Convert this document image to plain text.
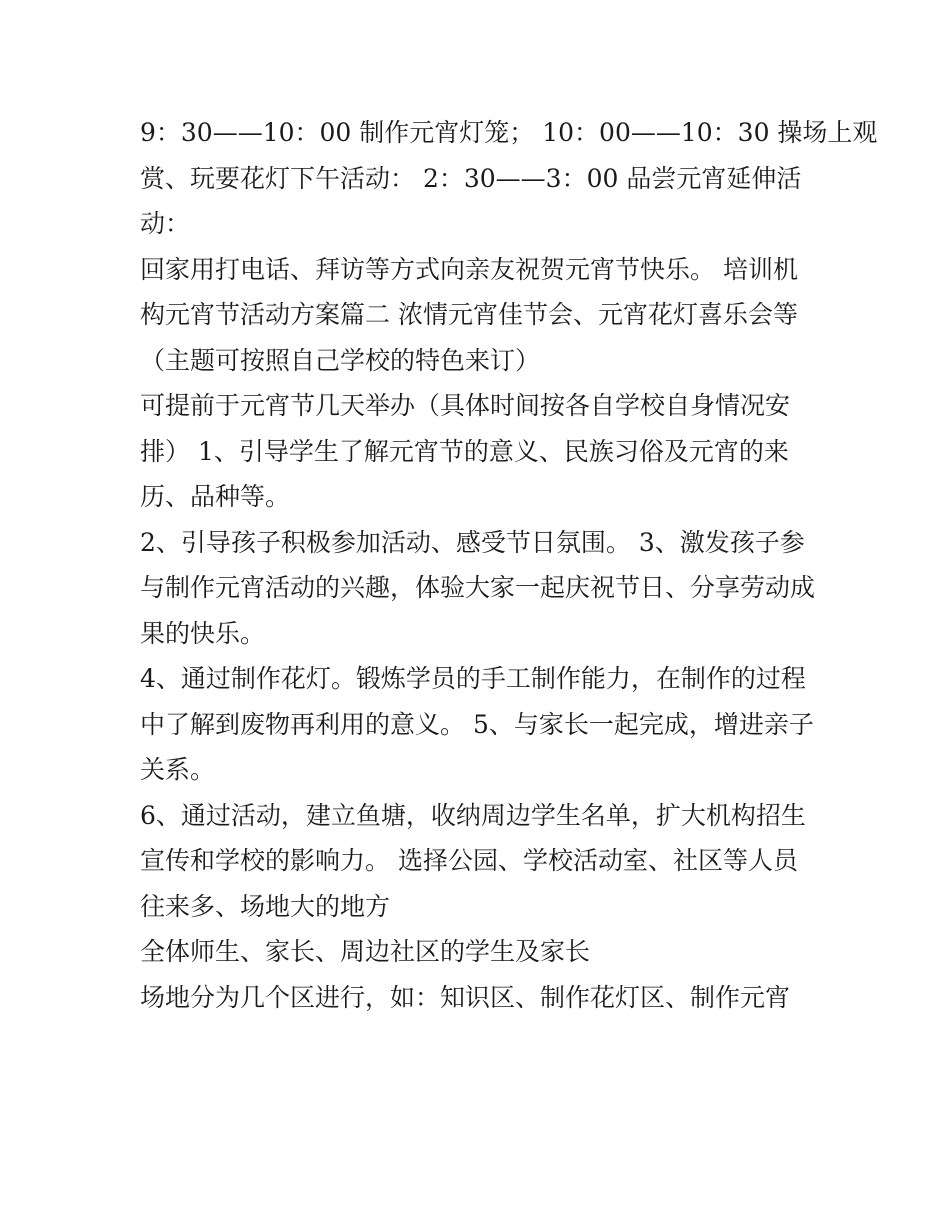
9：30——10：00 制作元宵灯笼； 10：00——10：30 操场上观
赏、玩要花灯下午活动： 2：30——3：00 品尝元宵延伸活
动：

回家用打电话、拜访等方式向亲友祝贺元宵节快乐。 培训机
构元宵节活动方案篇二 浓情元宵佳节会、元宵花灯喜乐会等
（主题可按照自己学校的特色来订）

可提前于元宵节几天举办（具体时间按各自学校自身情况安
排） 1、引导学生了解元宵节的意义、民族习俗及元宵的来
历、品种等。

2、引导孩子积极参加活动、感受节日氛围。 3、激发孩子参
与制作元宵活动的兴趣，体验大家一起庆祝节日、分享劳动成
果的快乐。

4、通过制作花灯。锻炼学员的手工制作能力，在制作的过程
中了解到废物再利用的意义。 5、与家长一起完成，增进亲子
关系。

6、通过活动，建立鱼塘，收纳周边学生名单，扩大机构招生
宣传和学校的影响力。 选择公园、学校活动室、社区等人员
往来多、场地大的地方

全体师生、家长、周边社区的学生及家长

场地分为几个区进行，如：知识区、制作花灯区、制作元宵
